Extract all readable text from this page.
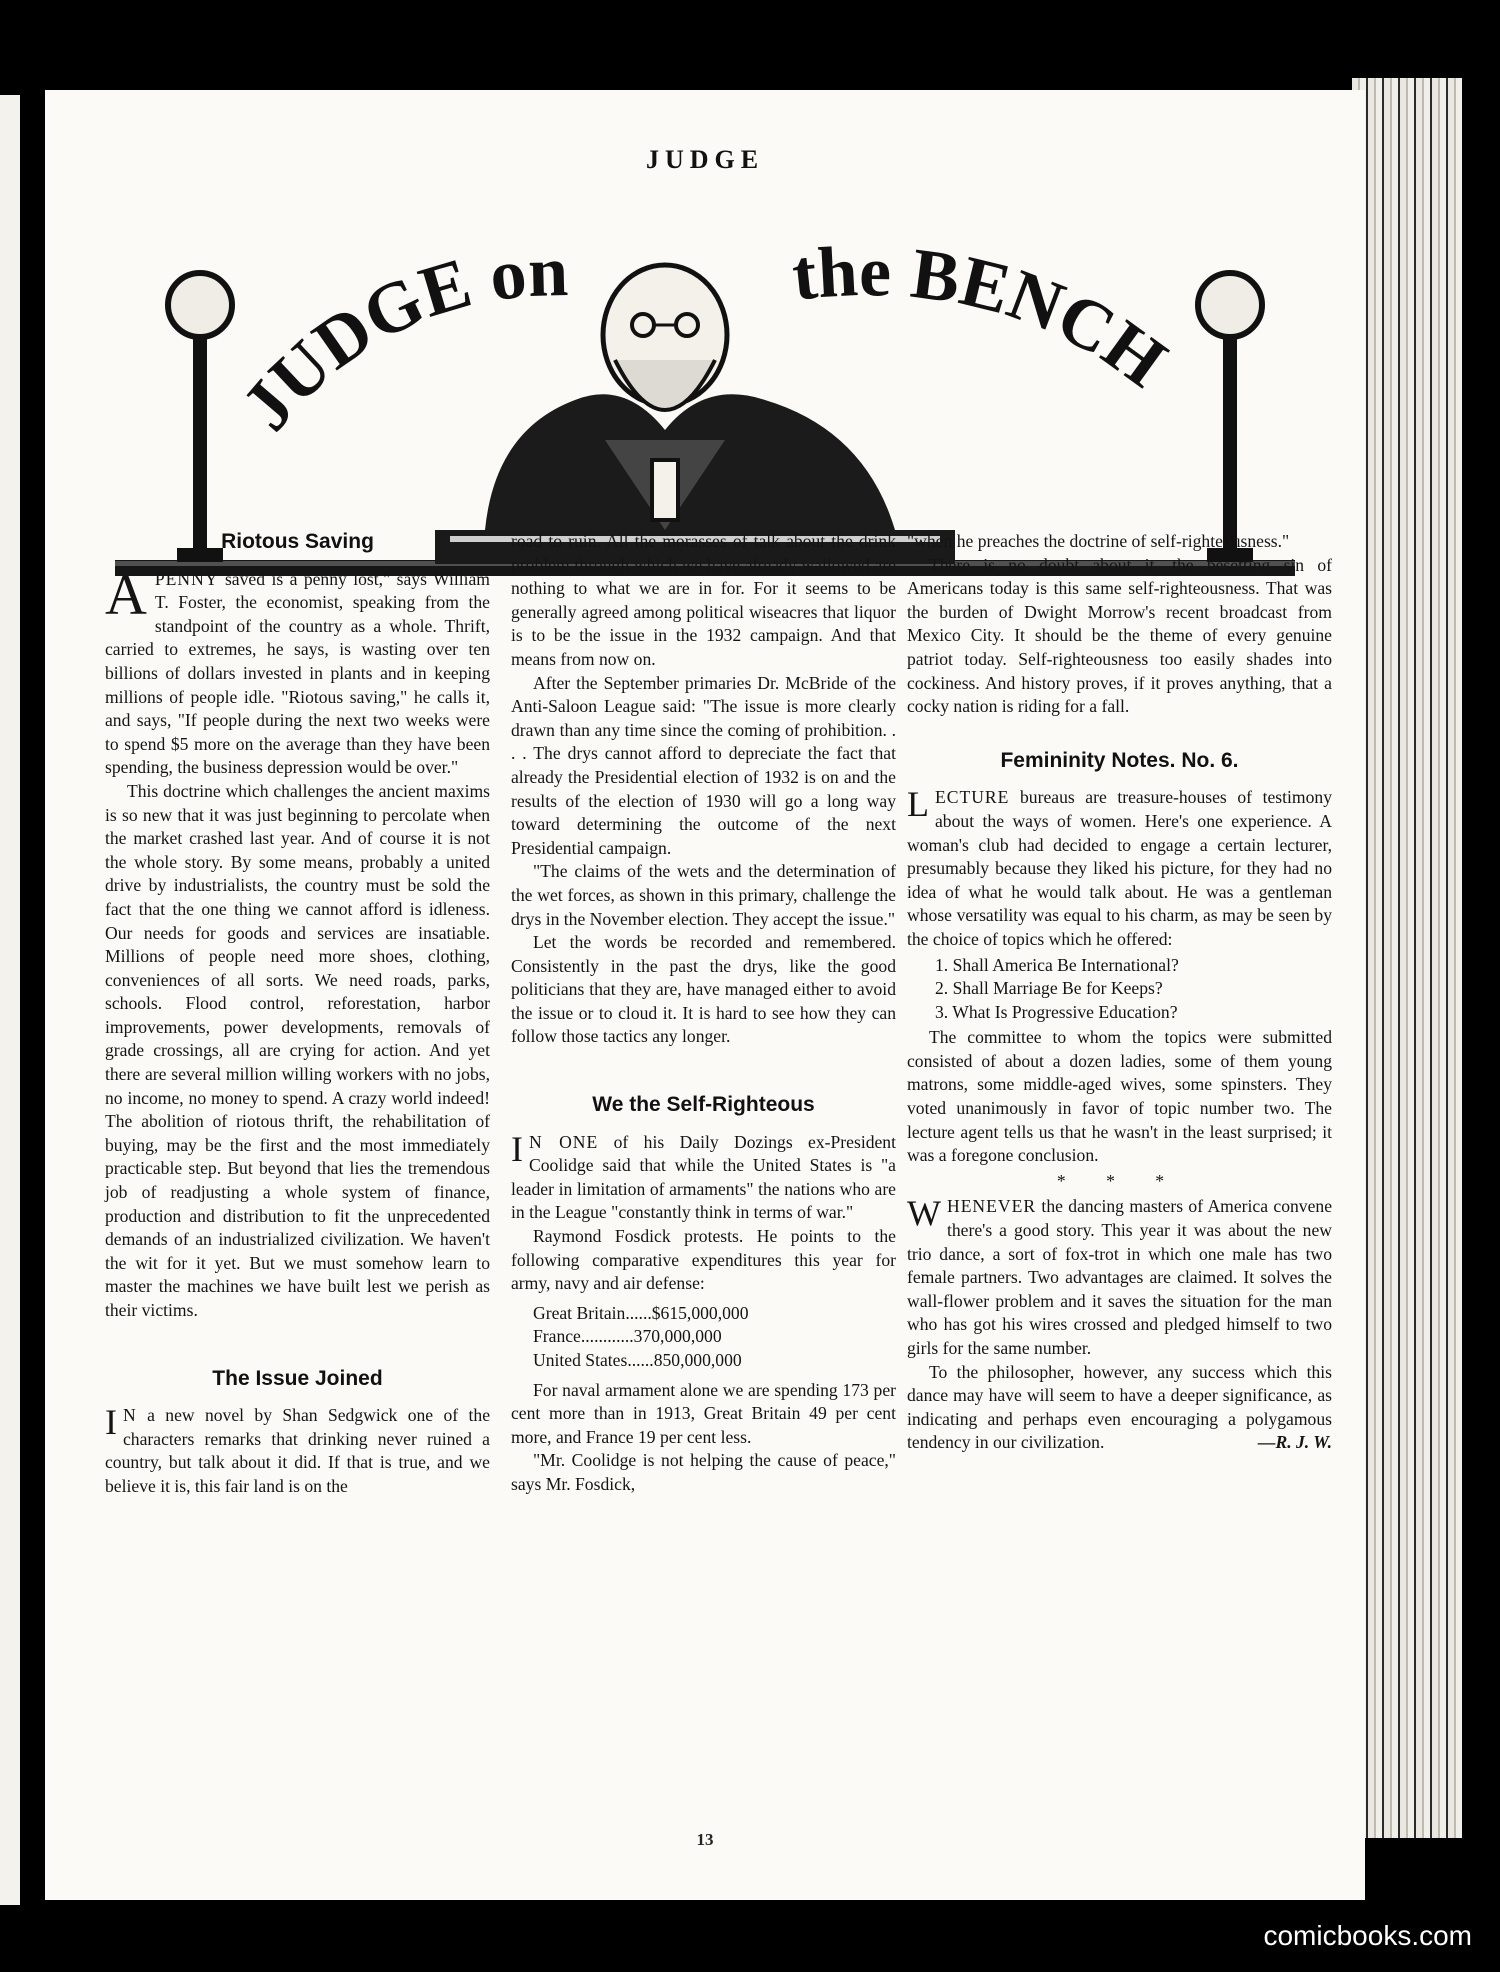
JUDGE
JUDGE on	the BENCH
Riotous Saving

APENNY saved is a penny lost," says William T. Foster, the economist, speaking from the standpoint of the country as a whole. Thrift, carried to extremes, he says, is wasting over ten billions of dollars invested in plants and in keeping millions of people idle. "Riotous saving," he calls it, and says, "If people during the next two weeks were to spend $5 more on the average than they have been spending, the business depression would be over."

This doctrine which challenges the ancient maxims is so new that it was just beginning to percolate when the market crashed last year. And of course it is not the whole story. By some means, probably a united drive by industrialists, the country must be sold the fact that the one thing we cannot afford is idleness. Our needs for goods and services are insatiable. Millions of people need more shoes, clothing, conveniences of all sorts. We need roads, parks, schools. Flood control, reforestation, harbor improvements, power developments, removals of grade crossings, all are crying for action. And yet there are several million willing workers with no jobs, no income, no money to spend. A crazy world indeed! The abolition of riotous thrift, the rehabilitation of buying, may be the first and the most immediately practicable step. But beyond that lies the tremendous job of readjusting a whole system of finance, production and distribution to fit the unprecedented demands of an industrialized civilization. We haven't the wit for it yet. But we must somehow learn to master the machines we have built lest we perish as their victims.

The Issue Joined

I N a new novel by Shan Sedgwick one of the characters remarks that drinking never ruined a country, but talk about it did. If that is true, and we believe it is, this fair land is on the

road to ruin. All the morasses of talk about the drink problem through which we have already wallowed are nothing to what we are in for. For it seems to be generally agreed among political wiseacres that liquor is to be the issue in the 1932 campaign. And that means from now on.

After the September primaries Dr. McBride of the Anti-Saloon League said: "The issue is more clearly drawn than any time since the coming of prohibition. . . . The drys cannot afford to depreciate the fact that already the Presidential election of 1932 is on and the results of the election of 1930 will go a long way toward determining the outcome of the next Presidential campaign.

"The claims of the wets and the determination of the wet forces, as shown in this primary, challenge the drys in the November election. They accept the issue."

Let the words be recorded and remembered. Consistently in the past the drys, like the good politicians that they are, have managed either to avoid the issue or to cloud it. It is hard to see how they can follow those tactics any longer.

We the Self-Righteous

I N ONE of his Daily Dozings ex-President Coolidge said that while the United States is "a leader in limitation of armaments" the nations who are in the League "constantly think in terms of war."

Raymond Fosdick protests. He points to the following comparative expenditures this year for army, navy and air defense:

Great Britain ...... $615,000,000
France ............ 370,000,000
United States ...... 850,000,000

For naval armament alone we are spending 173 per cent more than in 1913, Great Britain 49 per cent more, and France 19 per cent less.

"Mr. Coolidge is not helping the cause of peace," says Mr. Fosdick,

"when he preaches the doctrine of self-righteousness."

There is no doubt about it, the besetting sin of Americans today is this same self-righteousness. That was the burden of Dwight Morrow's recent broadcast from Mexico City. It should be the theme of every genuine patriot today. Self-righteousness too easily shades into cockiness. And history proves, if it proves anything, that a cocky nation is riding for a fall.

Femininity Notes. No. 6.

LECTURE bureaus are treasure-houses of testimony about the ways of women. Here's one experience. A woman's club had decided to engage a certain lecturer, presumably because they liked his picture, for they had no idea of what he would talk about. He was a gentleman whose versatility was equal to his charm, as may be seen by the choice of topics which he offered:

1. Shall America Be International?
2. Shall Marriage Be for Keeps?
3. What Is Progressive Education?

The committee to whom the topics were submitted consisted of about a dozen ladies, some of them young matrons, some middle-aged wives, some spinsters. They voted unanimously in favor of topic number two. The lecture agent tells us that he wasn't in the least surprised; it was a foregone conclusion.

* * *

WHENEVER the dancing masters of America convene there's a good story. This year it was about the new trio dance, a sort of fox-trot in which one male has two female partners. Two advantages are claimed. It solves the wall-flower problem and it saves the situation for the man who has got his wires crossed and pledged himself to two girls for the same number.

To the philosopher, however, any success which this dance may have will seem to have a deeper significance, as indicating and perhaps even encouraging a polygamous tendency in our civilization.	—R. J. W.

13
comicbooks.com
